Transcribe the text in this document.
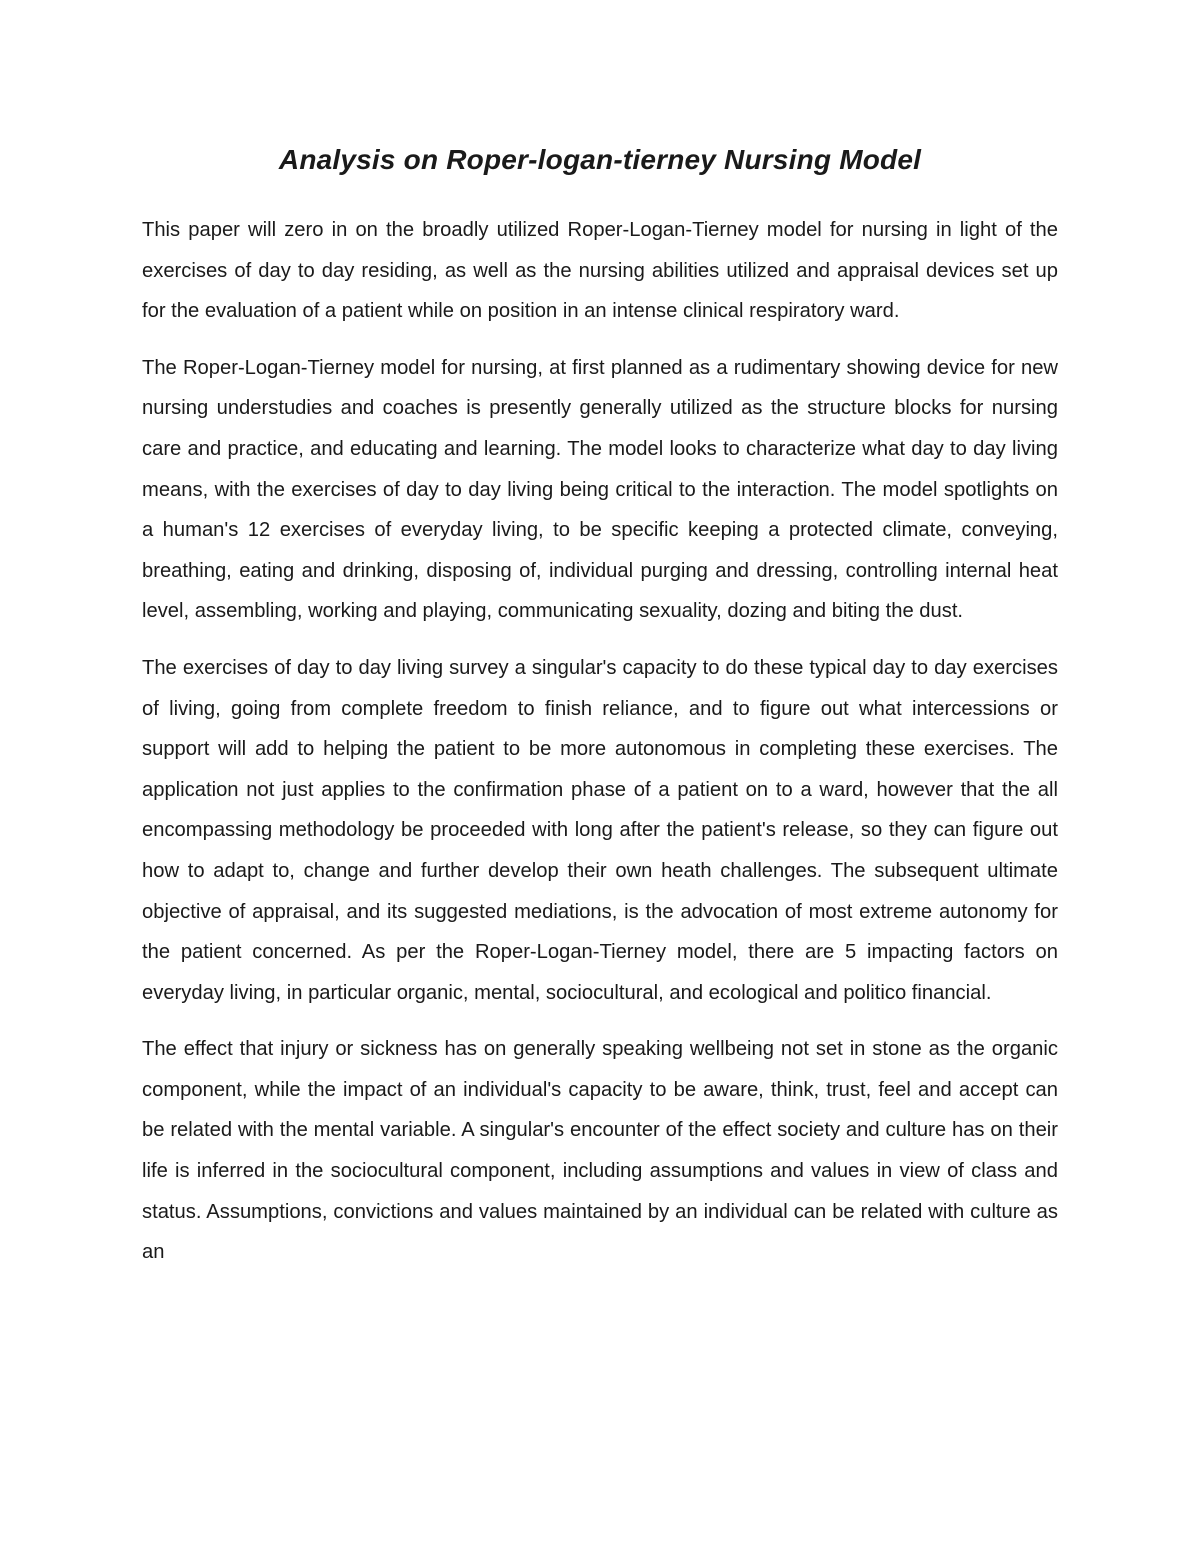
Analysis on Roper-logan-tierney Nursing Model

This paper will zero in on the broadly utilized Roper-Logan-Tierney model for nursing in light of the exercises of day to day residing, as well as the nursing abilities utilized and appraisal devices set up for the evaluation of a patient while on position in an intense clinical respiratory ward.

The Roper-Logan-Tierney model for nursing, at first planned as a rudimentary showing device for new nursing understudies and coaches is presently generally utilized as the structure blocks for nursing care and practice, and educating and learning. The model looks to characterize what day to day living means, with the exercises of day to day living being critical to the interaction. The model spotlights on a human's 12 exercises of everyday living, to be specific keeping a protected climate, conveying, breathing, eating and drinking, disposing of, individual purging and dressing, controlling internal heat level, assembling, working and playing, communicating sexuality, dozing and biting the dust.

The exercises of day to day living survey a singular's capacity to do these typical day to day exercises of living, going from complete freedom to finish reliance, and to figure out what intercessions or support will add to helping the patient to be more autonomous in completing these exercises. The application not just applies to the confirmation phase of a patient on to a ward, however that the all encompassing methodology be proceeded with long after the patient's release, so they can figure out how to adapt to, change and further develop their own heath challenges. The subsequent ultimate objective of appraisal, and its suggested mediations, is the advocation of most extreme autonomy for the patient concerned. As per the Roper-Logan-Tierney model, there are 5 impacting factors on everyday living, in particular organic, mental, sociocultural, and ecological and politico financial.

The effect that injury or sickness has on generally speaking wellbeing not set in stone as the organic component, while the impact of an individual's capacity to be aware, think, trust, feel and accept can be related with the mental variable. A singular's encounter of the effect society and culture has on their life is inferred in the sociocultural component, including assumptions and values in view of class and status. Assumptions, convictions and values maintained by an individual can be related with culture as an
